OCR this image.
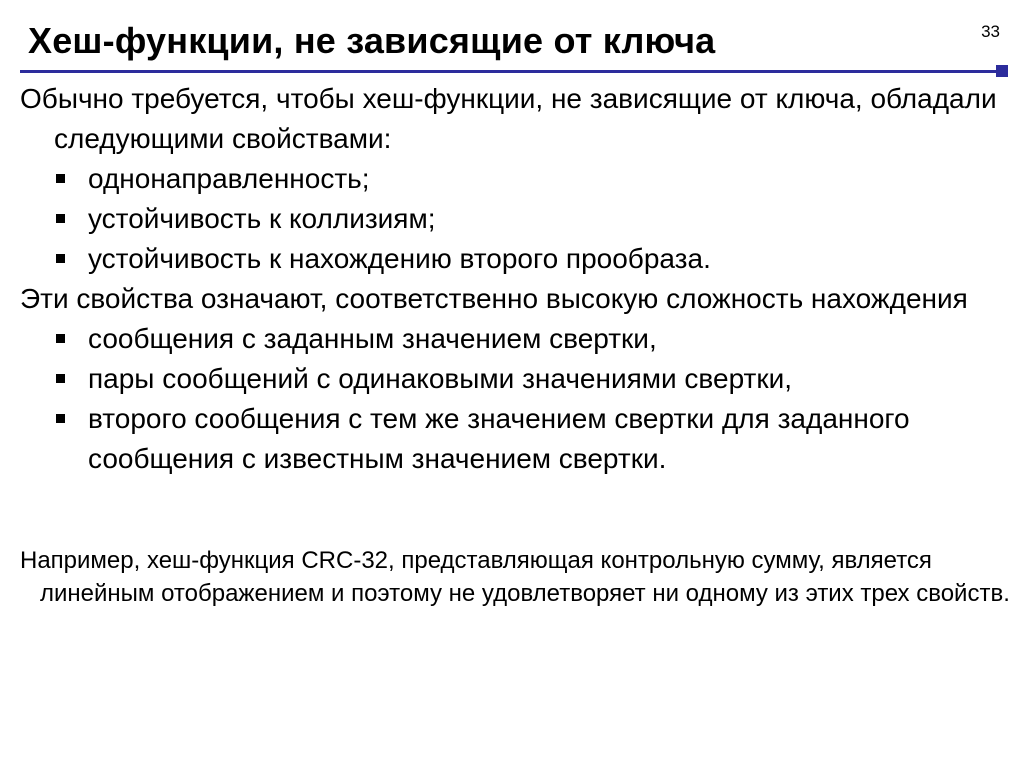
Хеш-функции, не зависящие от ключа	33

Обычно требуется, чтобы хеш-функции, не зависящие от ключа, обладали следующими свойствами:

однонаправленность;
устойчивость к коллизиям;
устойчивость к нахождению второго прообраза.

Эти свойства означают, соответственно высокую сложность нахождения

сообщения с заданным значением свертки,
пары сообщений с одинаковыми значениями свертки,
второго сообщения с тем же значением свертки для заданного сообщения с известным значением свертки.
Например, хеш-функция CRC-32, представляющая контрольную сумму, является линейным отображением и поэтому не удовлетворяет ни одному из этих трех свойств.
